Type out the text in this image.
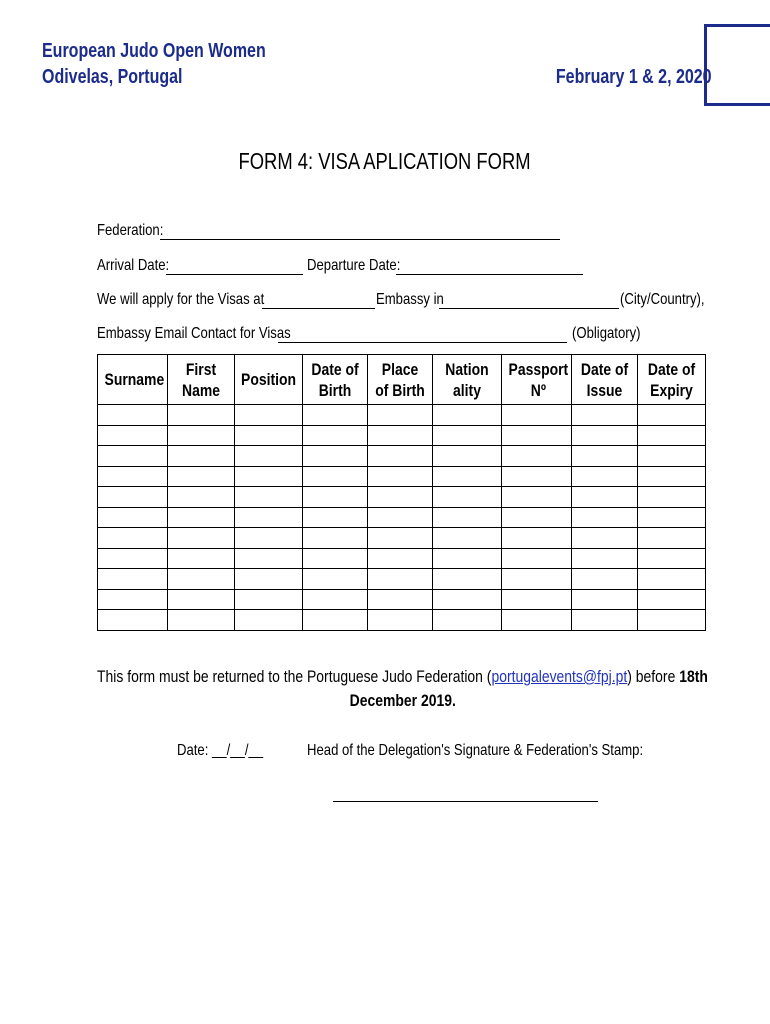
European Judo Open Women
Odivelas, Portugal	February 1 & 2, 2020
FORM 4: VISA APLICATION FORM
Federation:
Arrival Date:	Departure Date:
We will apply for the Visas at	Embassy in	(City/Country),
Embassy Email Contact for Visas	(Obligatory)
Surname	First Name	Position	Date of Birth	Place of Birth	Nationality	Passport Nº	Date of Issue	Date of Expiry

This form must be returned to the Portuguese Judo Federation (portugalevents@fpj.pt) before 18th
December 2019.
Date: __/__/__	Head of the Delegation's Signature & Federation's Stamp:
